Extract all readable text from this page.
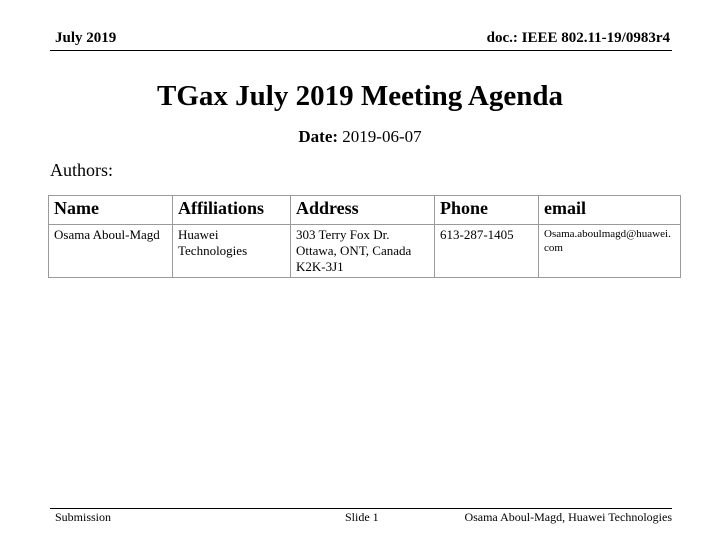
July 2019	doc.: IEEE 802.11-19/0983r4
TGax July 2019 Meeting Agenda
Date: 2019-06-07
Authors:
Name	Affiliations	Address	Phone	email
Osama Aboul-Magd	Huawei Technologies	303 Terry Fox Dr. Ottawa, ONT, Canada K2K-3J1	613-287-1405	Osama.aboulmagd@huawei.com
Submission	Slide 1	Osama Aboul-Magd, Huawei Technologies
